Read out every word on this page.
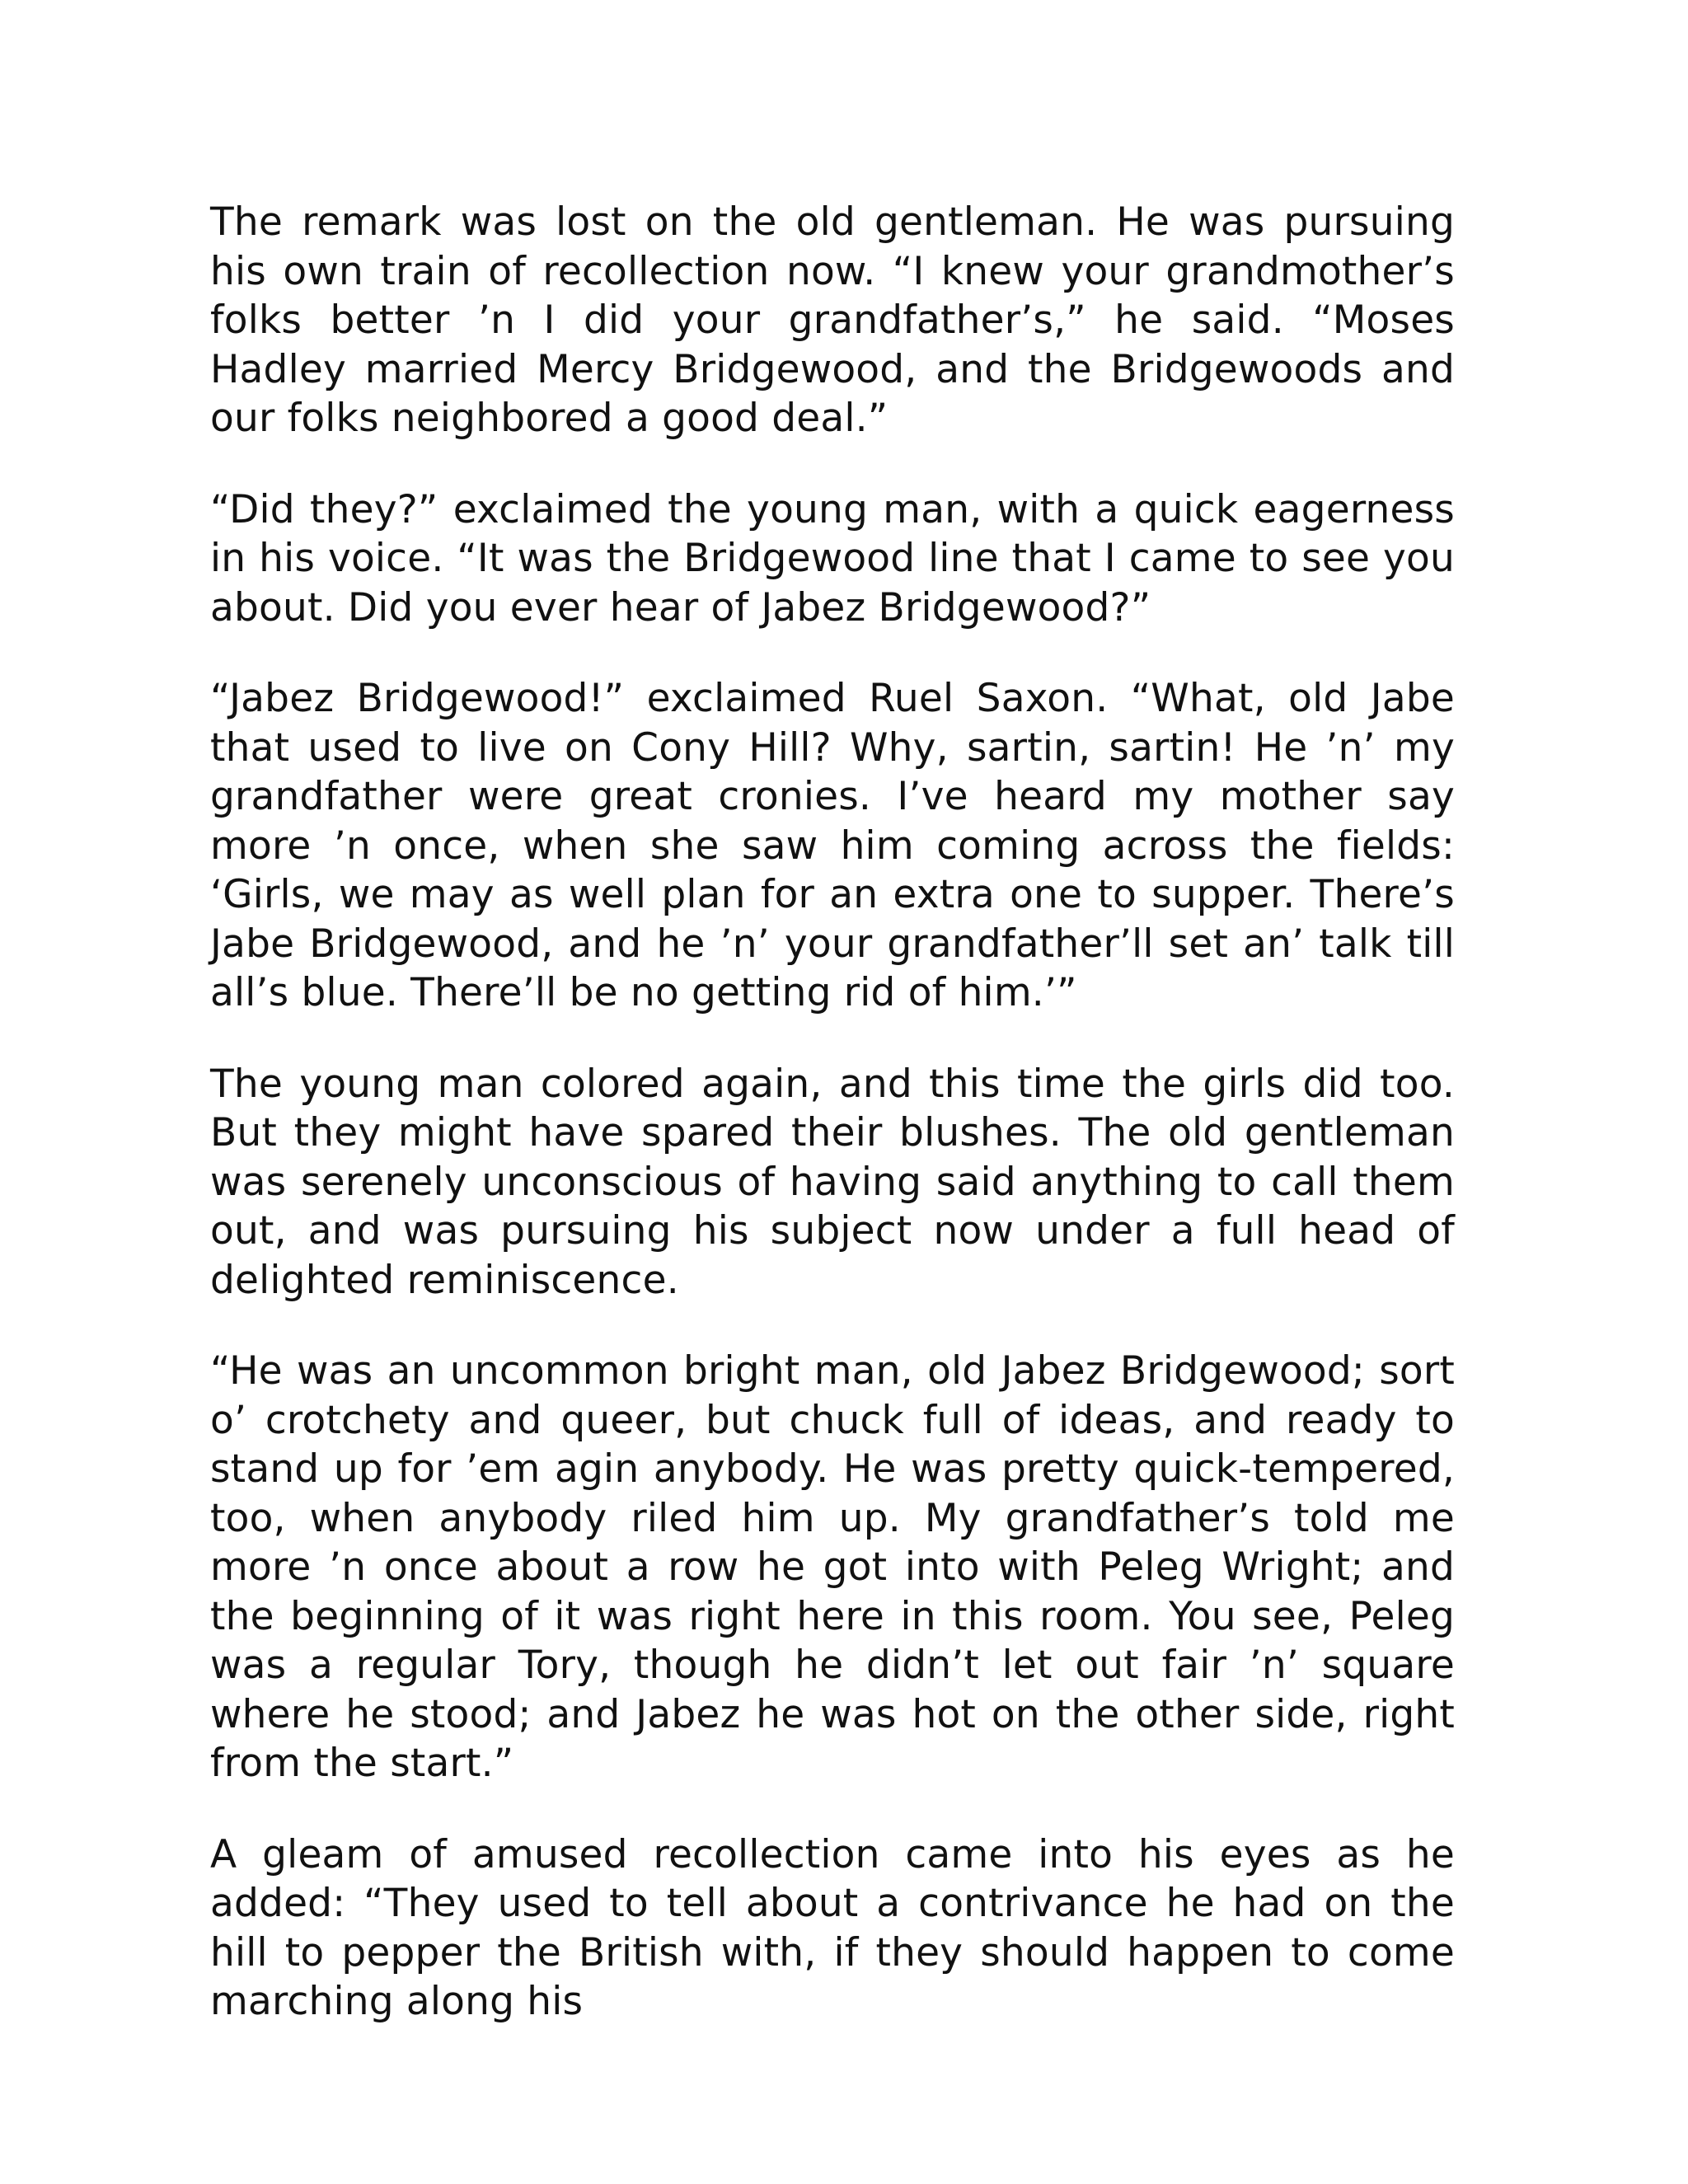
The remark was lost on the old gentleman. He was pursuing his own train of recollection now. “I knew your grandmother’s folks better ’n I did your grandfather’s,” he said. “Moses Hadley married Mercy Bridgewood, and the Bridgewoods and our folks neighbored a good deal.”

“Did they?” exclaimed the young man, with a quick eagerness in his voice. “It was the Bridgewood line that I came to see you about. Did you ever hear of Jabez Bridgewood?”

“Jabez Bridgewood!” exclaimed Ruel Saxon. “What, old Jabe that used to live on Cony Hill? Why, sartin, sartin! He ’n’ my grandfather were great cronies. I’ve heard my mother say more ’n once, when she saw him coming across the fields: ‘Girls, we may as well plan for an extra one to supper. There’s Jabe Bridgewood, and he ’n’ your grandfather’ll set an’ talk till all’s blue. There’ll be no getting rid of him.’”

The young man colored again, and this time the girls did too. But they might have spared their blushes. The old gentleman was serenely unconscious of having said anything to call them out, and was pursuing his subject now under a full head of delighted reminiscence.

“He was an uncommon bright man, old Jabez Bridgewood; sort o’ crotchety and queer, but chuck full of ideas, and ready to stand up for ’em agin anybody. He was pretty quick-tempered, too, when anybody riled him up. My grandfather’s told me more ’n once about a row he got into with Peleg Wright; and the beginning of it was right here in this room. You see, Peleg was a regular Tory, though he didn’t let out fair ’n’ square where he stood; and Jabez he was hot on the other side, right from the start.”

A gleam of amused recollection came into his eyes as he added: “They used to tell about a contrivance he had on the hill to pepper the British with, if they should happen to come marching along his
